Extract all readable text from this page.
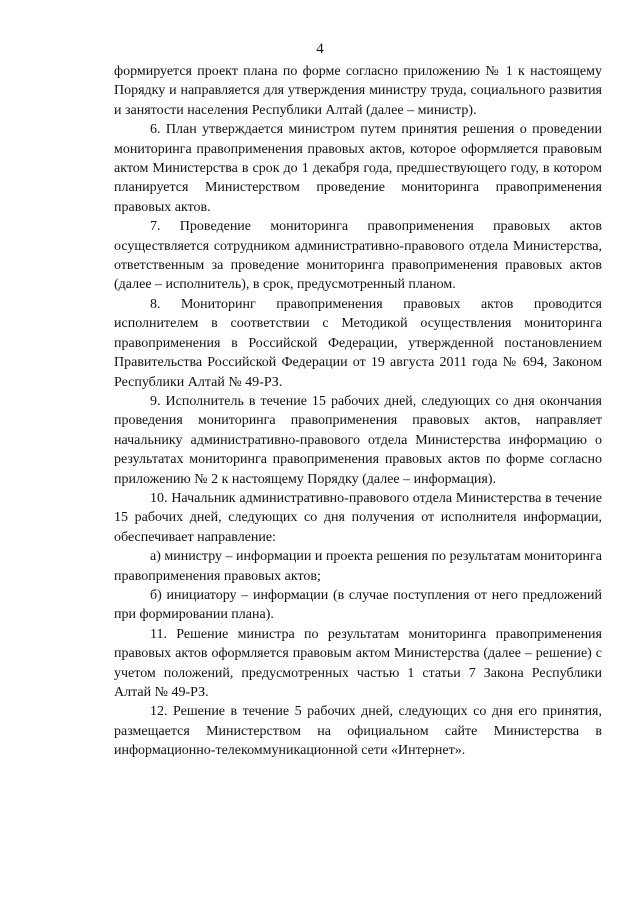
4

формируется проект плана по форме согласно приложению № 1 к настоящему Порядку и направляется для утверждения министру труда, социального развития и занятости населения Республики Алтай (далее – министр).

6. План утверждается министром путем принятия решения о проведении мониторинга правоприменения правовых актов, которое оформляется правовым актом Министерства в срок до 1 декабря года, предшествующего году, в котором планируется Министерством проведение мониторинга правоприменения правовых актов.

7. Проведение мониторинга правоприменения правовых актов осуществляется сотрудником административно-правового отдела Министерства, ответственным за проведение мониторинга правоприменения правовых актов (далее – исполнитель), в срок, предусмотренный планом.

8. Мониторинг правоприменения правовых актов проводится исполнителем в соответствии с Методикой осуществления мониторинга правоприменения в Российской Федерации, утвержденной постановлением Правительства Российской Федерации от 19 августа 2011 года № 694, Законом Республики Алтай № 49-РЗ.

9. Исполнитель в течение 15 рабочих дней, следующих со дня окончания проведения мониторинга правоприменения правовых актов, направляет начальнику административно-правового отдела Министерства информацию о результатах мониторинга правоприменения правовых актов по форме согласно приложению № 2 к настоящему Порядку (далее – информация).

10. Начальник административно-правового отдела Министерства в течение 15 рабочих дней, следующих со дня получения от исполнителя информации, обеспечивает направление:

а) министру – информации и проекта решения по результатам мониторинга правоприменения правовых актов;

б) инициатору – информации (в случае поступления от него предложений при формировании плана).

11. Решение министра по результатам мониторинга правоприменения правовых актов оформляется правовым актом Министерства (далее – решение) с учетом положений, предусмотренных частью 1 статьи 7 Закона Республики Алтай № 49-РЗ.

12. Решение в течение 5 рабочих дней, следующих со дня его принятия, размещается Министерством на официальном сайте Министерства в информационно-телекоммуникационной сети «Интернет».
